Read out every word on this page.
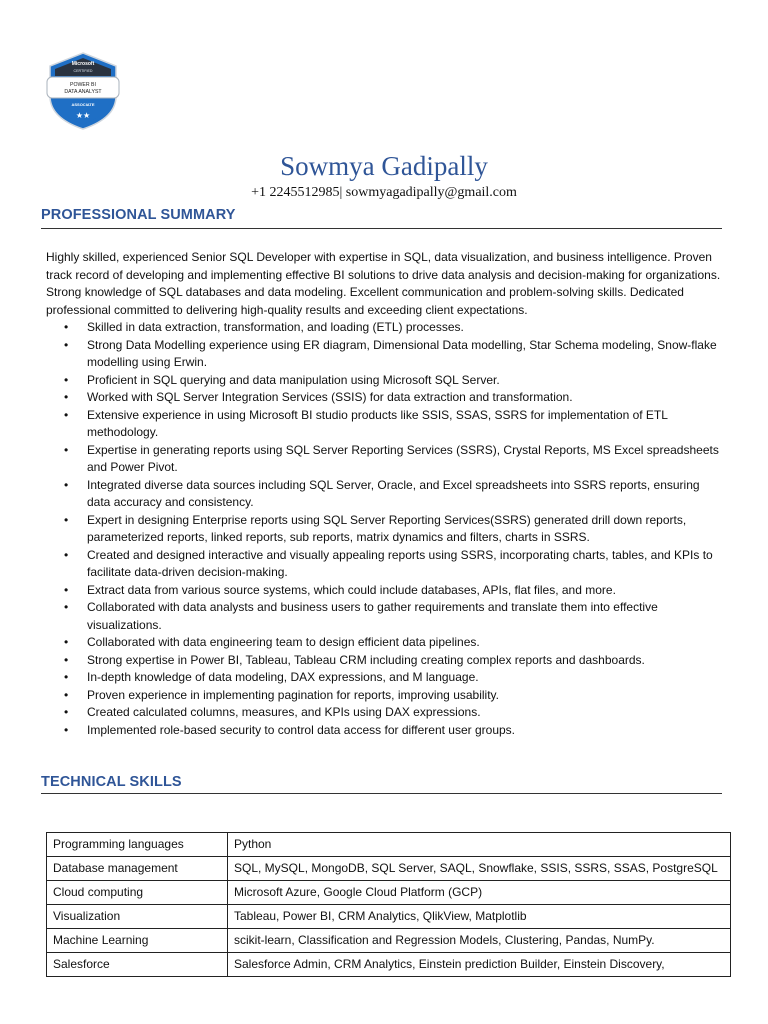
Microsoft
CERTIFIED
POWER BI
DATA ANALYST
ASSOCIATE
★★
Sowmya Gadipally
+1 2245512985| sowmyagadipally@gmail.com
PROFESSIONAL SUMMARY

Highly skilled, experienced Senior SQL Developer with expertise in SQL, data visualization, and business intelligence. Proven track record of developing and implementing effective BI solutions to drive data analysis and decision-making for organizations. Strong knowledge of SQL databases and data modeling. Excellent communication and problem-solving skills. Dedicated professional committed to delivering high-quality results and exceeding client expectations.

• Skilled in data extraction, transformation, and loading (ETL) processes.
• Strong Data Modelling experience using ER diagram, Dimensional Data modelling, Star Schema modeling, Snow-flake modelling using Erwin.
• Proficient in SQL querying and data manipulation using Microsoft SQL Server.
• Worked with SQL Server Integration Services (SSIS) for data extraction and transformation.
• Extensive experience in using Microsoft BI studio products like SSIS, SSAS, SSRS for implementation of ETL methodology.
• Expertise in generating reports using SQL Server Reporting Services (SSRS), Crystal Reports, MS Excel spreadsheets and Power Pivot.
• Integrated diverse data sources including SQL Server, Oracle, and Excel spreadsheets into SSRS reports, ensuring data accuracy and consistency.
• Expert in designing Enterprise reports using SQL Server Reporting Services(SSRS) generated drill down reports, parameterized reports, linked reports, sub reports, matrix dynamics and filters, charts in SSRS.
• Created and designed interactive and visually appealing reports using SSRS, incorporating charts, tables, and KPIs to facilitate data-driven decision-making.
• Extract data from various source systems, which could include databases, APIs, flat files, and more.
• Collaborated with data analysts and business users to gather requirements and translate them into effective visualizations.
• Collaborated with data engineering team to design efficient data pipelines.
• Strong expertise in Power BI, Tableau, Tableau CRM including creating complex reports and dashboards.
• In-depth knowledge of data modeling, DAX expressions, and M language.
• Proven experience in implementing pagination for reports, improving usability.
• Created calculated columns, measures, and KPIs using DAX expressions.
• Implemented role-based security to control data access for different user groups.
TECHNICAL SKILLS
Programming languages	Python
Database management	SQL, MySQL, MongoDB, SQL Server, SAQL, Snowflake, SSIS, SSRS, SSAS, PostgreSQL
Cloud computing	Microsoft Azure, Google Cloud Platform (GCP)
Visualization	Tableau, Power BI, CRM Analytics, QlikView, Matplotlib
Machine Learning	scikit-learn, Classification and Regression Models, Clustering, Pandas, NumPy.
Salesforce	Salesforce Admin, CRM Analytics, Einstein prediction Builder, Einstein Discovery,
